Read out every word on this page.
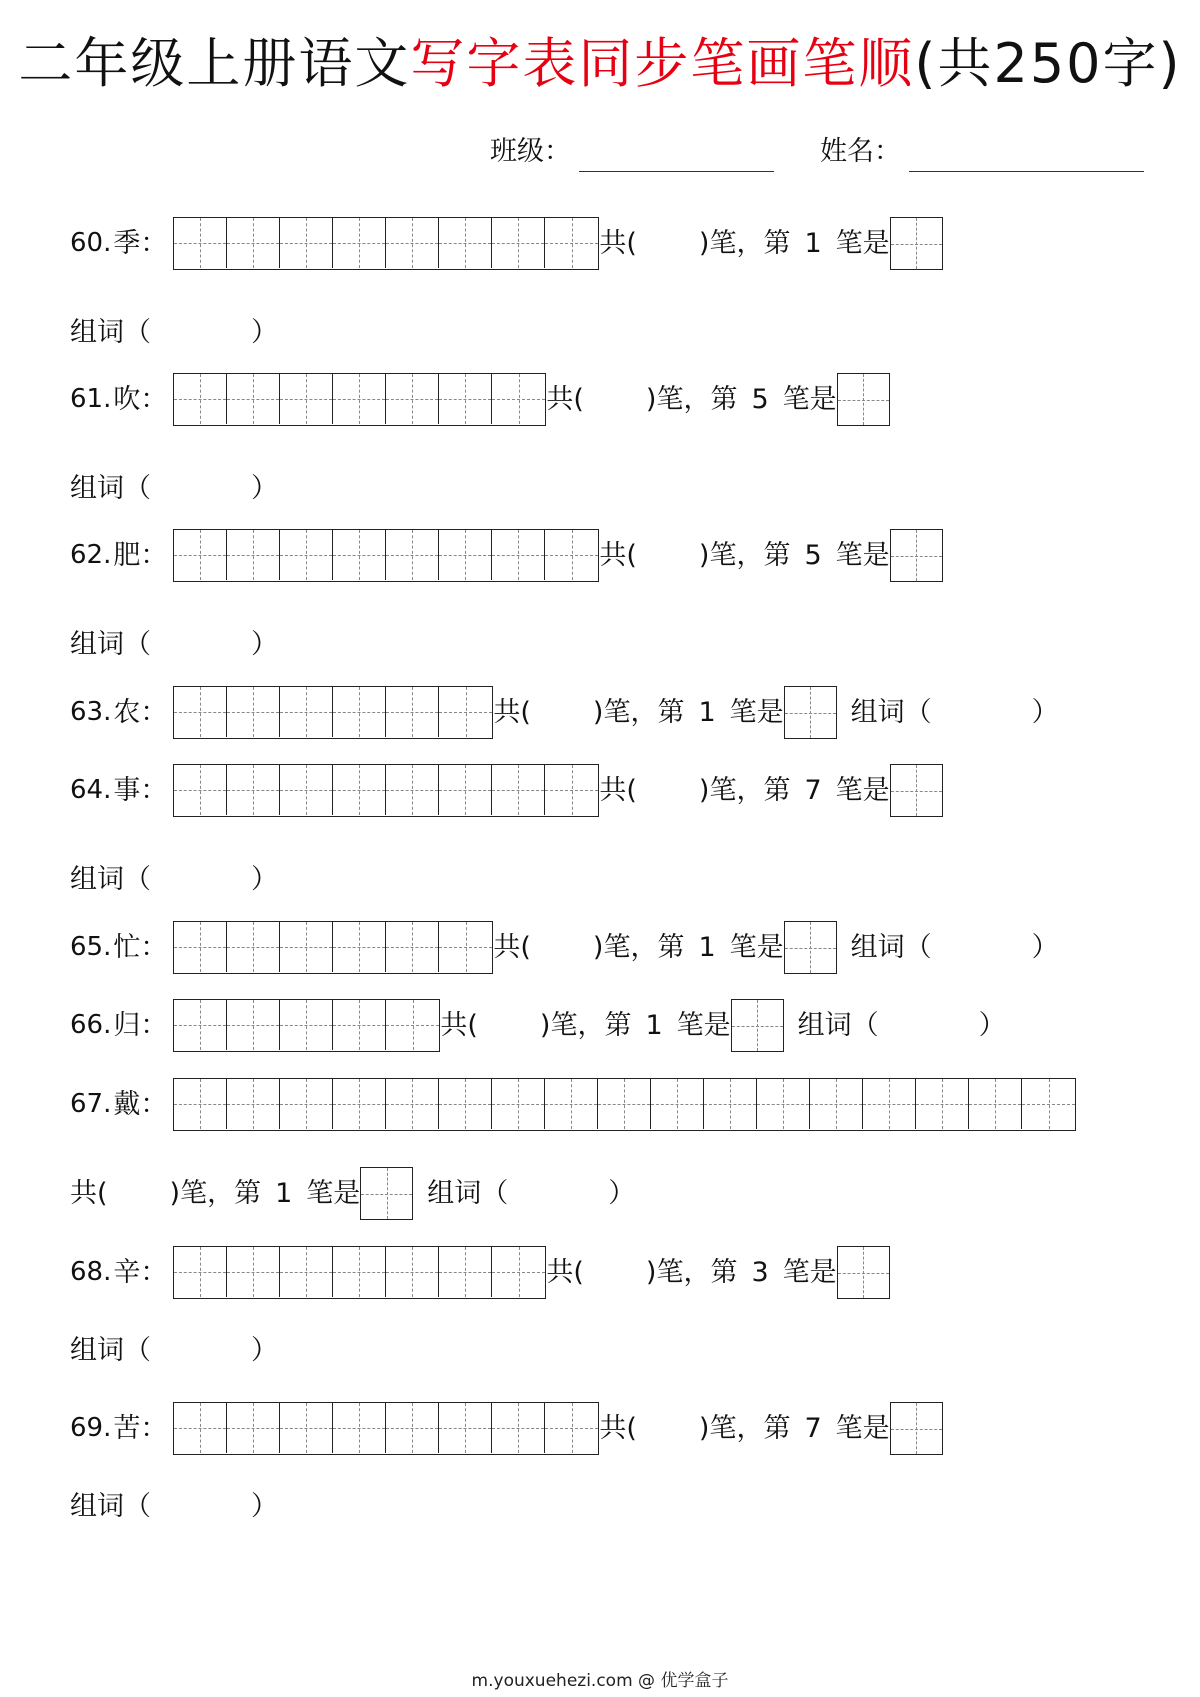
二年级上册语文写字表同步笔画笔顺(共250字)
班级：	姓名：
60. 季 ：	共( )笔，第 1 笔是
组词（	）
61. 吹 ：	共( )笔，第 5 笔是
组词（	）
62. 肥 ：	共( )笔，第 5 笔是
组词（	）
63. 农 ：	共( )笔，第 1 笔是 组词（	）
64. 事 ：	共( )笔，第 7 笔是
组词（	）
65. 忙 ：	共( )笔，第 1 笔是 组词（	）
66. 归 ：	共( )笔，第 1 笔是 组词（	）
67. 戴 ：
共( )笔，第 1 笔是 组词（	）
68. 辛 ：	共( )笔，第 3 笔是
组词（	）
69. 苦 ：	共( )笔，第 7 笔是
组词（	）
m.youxuehezi.com @ 优学盒子
